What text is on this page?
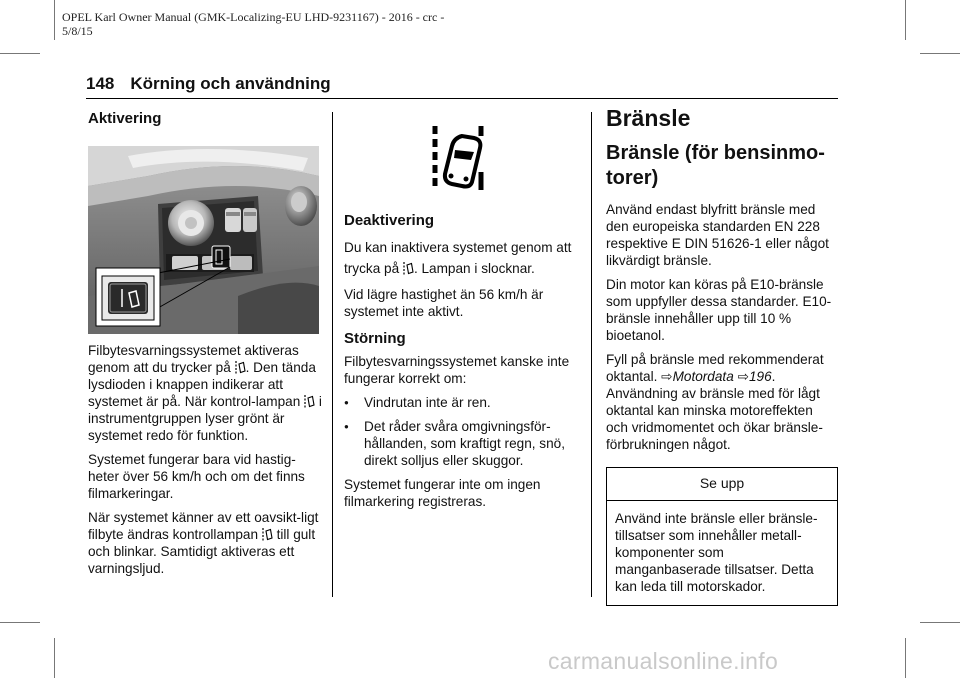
OPEL Karl Owner Manual (GMK-Localizing-EU LHD-9231167) - 2016 - crc -
5/8/15
148 Körning och användning
Aktivering

Filbytesvarningssystemet aktiveras genom att du trycker på . Den tända lysdioden i knappen indikerar att systemet är på. När kontrol-lampan i instrumentgruppen lyser grönt är systemet redo för funktion.

Systemet fungerar bara vid hastig-heter över 56 km/h och om det finns filmarkeringar.

När systemet känner av ett oavsikt-ligt filbyte ändras kontrollampan till gult och blinkar. Samtidigt aktiveras ett varningsljud.

Deaktivering

Du kan inaktivera systemet genom att trycka på . Lampan i slocknar.

Vid lägre hastighet än 56 km/h är systemet inte aktivt.

Störning

Filbytesvarningssystemet kanske inte fungerar korrekt om:

● Vindrutan inte är ren.
● Det råder svåra omgivningsför-hållanden, som kraftigt regn, snö, direkt solljus eller skuggor.

Systemet fungerar inte om ingen filmarkering registreras.

Bränsle
Bränsle (för bensinmo-torer)

Använd endast blyfritt bränsle med den europeiska standarden EN 228 respektive E DIN 51626-1 eller något likvärdigt bränsle.

Din motor kan köras på E10-bränsle som uppfyller dessa standarder. E10-bränsle innehåller upp till 10 % bioetanol.

Fyll på bränsle med rekommenderat oktantal. ⇨Motordata ⇨196. Användning av bränsle med för lågt oktantal kan minska motoreffekten och vridmomentet och ökar bränsle-förbrukningen något.

Se upp
Använd inte bränsle eller bränsle-tillsatser som innehåller metall-komponenter som manganbaserade tillsatser. Detta kan leda till motorskador.
carmanualsonline.info
